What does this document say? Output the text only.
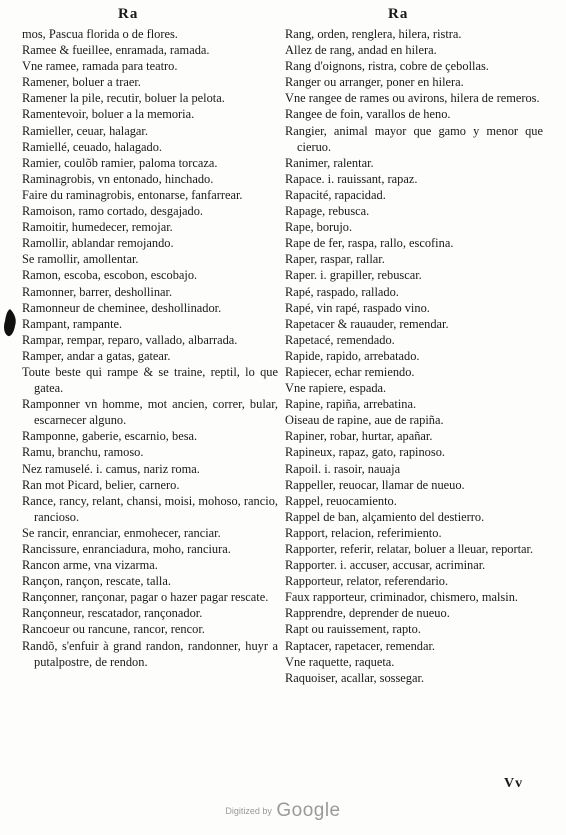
Ra	Ra

mos, Pascua florida o de flores.

Ramee & fueillee, enramada, ramada.

Vne ramee, ramada para teatro.

Ramener, boluer a traer.

Ramener la pile, recutir, boluer la pelota.

Ramentevoir, boluer a la memoria.

Ramieller, ceuar, halagar.

Ramiellé, ceuado, halagado.

Ramier, coulõb ramier, paloma torcaza.

Raminagrobis, vn entonado, hinchado.

Faire du raminagrobis, entonarse, fanfarrear.

Ramoison, ramo cortado, desgajado.

Ramoitir, humedecer, remojar.

Ramollir, ablandar remojando.

Se ramollir, amollentar.

Ramon, escoba, escobon, escobajo.

Ramonner, barrer, deshollinar.

Ramonneur de cheminee, deshollinador.

Rampant, rampante.

Rampar, rempar, reparo, vallado, albarrada.

Ramper, andar a gatas, gatear.

Toute beste qui rampe & se traine, reptil, lo que gatea.

Ramponner vn homme, mot ancien, correr, bular, escarnecer alguno.

Ramponne, gaberie, escarnio, besa.

Ramu, branchu, ramoso.

Nez ramuselé. i. camus, nariz roma.

Ran mot Picard, belier, carnero.

Rance, rancy, relant, chansi, moisi, mohoso, rancio, rancioso.

Se rancir, enranciar, enmohecer, ranciar.

Rancissure, enranciadura, moho, ranciura.

Rancon arme, vna vizarma.

Rançon, rançon, rescate, talla.

Rançonner, rançonar, pagar o hazer pagar rescate.

Rançonneur, rescatador, rançonador.

Rancoeur ou rancune, rancor, rencor.

Randõ, s'enfuir à grand randon, randonner, huyr a putalpostre, de rendon.

Rang, orden, renglera, hilera, ristra.

Allez de rang, andad en hilera.

Rang d'oignons, ristra, cobre de çebollas.

Ranger ou arranger, poner en hilera.

Vne rangee de rames ou avirons, hilera de remeros.

Rangee de foin, varallos de heno.

Rangier, animal mayor que gamo y menor que cieruo.

Ranimer, ralentar.

Rapace. i. rauissant, rapaz.

Rapacité, rapacidad.

Rapage, rebusca.

Rape, borujo.

Rape de fer, raspa, rallo, escofina.

Raper, raspar, rallar.

Raper. i. grapiller, rebuscar.

Rapé, raspado, rallado.

Rapé, vin rapé, raspado vino.

Rapetacer & rauauder, remendar.

Rapetacé, remendado.

Rapide, rapido, arrebatado.

Rapiecer, echar remiendo.

Vne rapiere, espada.

Rapine, rapiña, arrebatina.

Oiseau de rapine, aue de rapiña.

Rapiner, robar, hurtar, apañar.

Rapineux, rapaz, gato, rapinoso.

Rapoil. i. rasoir, nauaja

Rappeller, reuocar, llamar de nueuo.

Rappel, reuocamiento.

Rappel de ban, alçamiento del destierro.

Rapport, relacion, referimiento.

Rapporter, referir, relatar, boluer a lleuar, reportar.

Rapporter. i. accuser, accusar, acriminar.

Rapporteur, relator, referendario.

Faux rapporteur, criminador, chismero, malsin.

Rapprendre, deprender de nueuo.

Rapt ou rauissement, rapto.

Raptacer, rapetacer, remendar.

Vne raquette, raqueta.

Raquoiser, acallar, sossegar.

Vv
Digitized by Google
